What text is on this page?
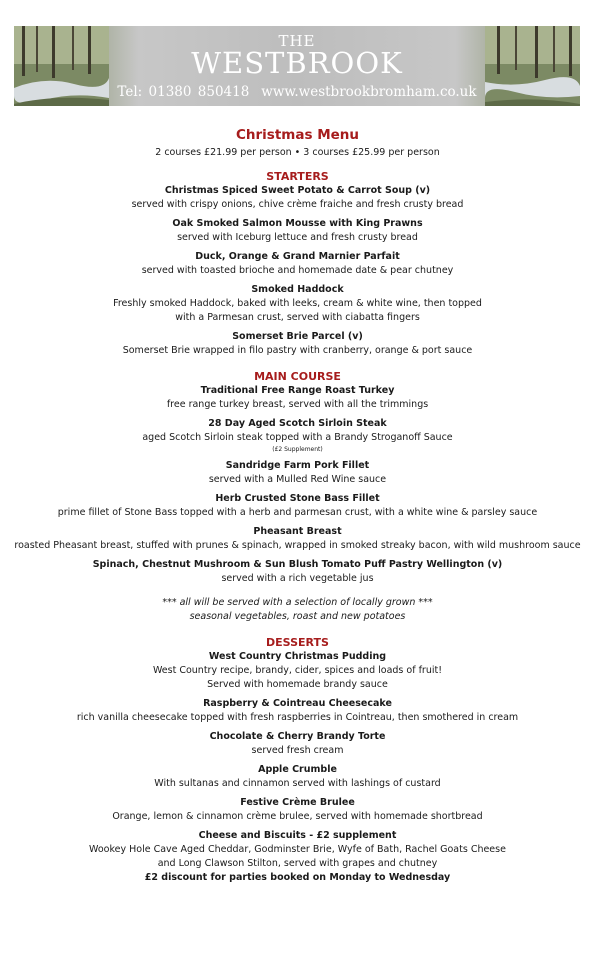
THE
WESTBROOK
Tel: 01380 850418 www.westbrookbromham.co.uk
Christmas Menu
2 courses £21.99 per person • 3 courses £25.99 per person
STARTERS
Christmas Spiced Sweet Potato & Carrot Soup (v)
served with crispy onions, chive crème fraiche and fresh crusty bread
Oak Smoked Salmon Mousse with King Prawns
served with Iceburg lettuce and fresh crusty bread
Duck, Orange & Grand Marnier Parfait
served with toasted brioche and homemade date & pear chutney
Smoked Haddock
Freshly smoked Haddock, baked with leeks, cream & white wine, then topped
with a Parmesan crust, served with ciabatta fingers
Somerset Brie Parcel (v)
Somerset Brie wrapped in filo pastry with cranberry, orange & port sauce
MAIN COURSE
Traditional Free Range Roast Turkey
free range turkey breast, served with all the trimmings
28 Day Aged Scotch Sirloin Steak
aged Scotch Sirloin steak topped with a Brandy Stroganoff Sauce
(£2 Supplement)
Sandridge Farm Pork Fillet
served with a Mulled Red Wine sauce
Herb Crusted Stone Bass Fillet
prime fillet of Stone Bass topped with a herb and parmesan crust, with a white wine & parsley sauce
Pheasant Breast
roasted Pheasant breast, stuffed with prunes & spinach, wrapped in smoked streaky bacon, with wild mushroom sauce
Spinach, Chestnut Mushroom & Sun Blush Tomato Puff Pastry Wellington (v)
served with a rich vegetable jus
*** all will be served with a selection of locally grown ***
seasonal vegetables, roast and new potatoes
DESSERTS
West Country Christmas Pudding
West Country recipe, brandy, cider, spices and loads of fruit!
Served with homemade brandy sauce
Raspberry & Cointreau Cheesecake
rich vanilla cheesecake topped with fresh raspberries in Cointreau, then smothered in cream
Chocolate & Cherry Brandy Torte
served fresh cream
Apple Crumble
With sultanas and cinnamon served with lashings of custard
Festive Crème Brulee
Orange, lemon & cinnamon crème brulee, served with homemade shortbread
Cheese and Biscuits - £2 supplement
Wookey Hole Cave Aged Cheddar, Godminster Brie, Wyfe of Bath, Rachel Goats Cheese
and Long Clawson Stilton, served with grapes and chutney
£2 discount for parties booked on Monday to Wednesday
